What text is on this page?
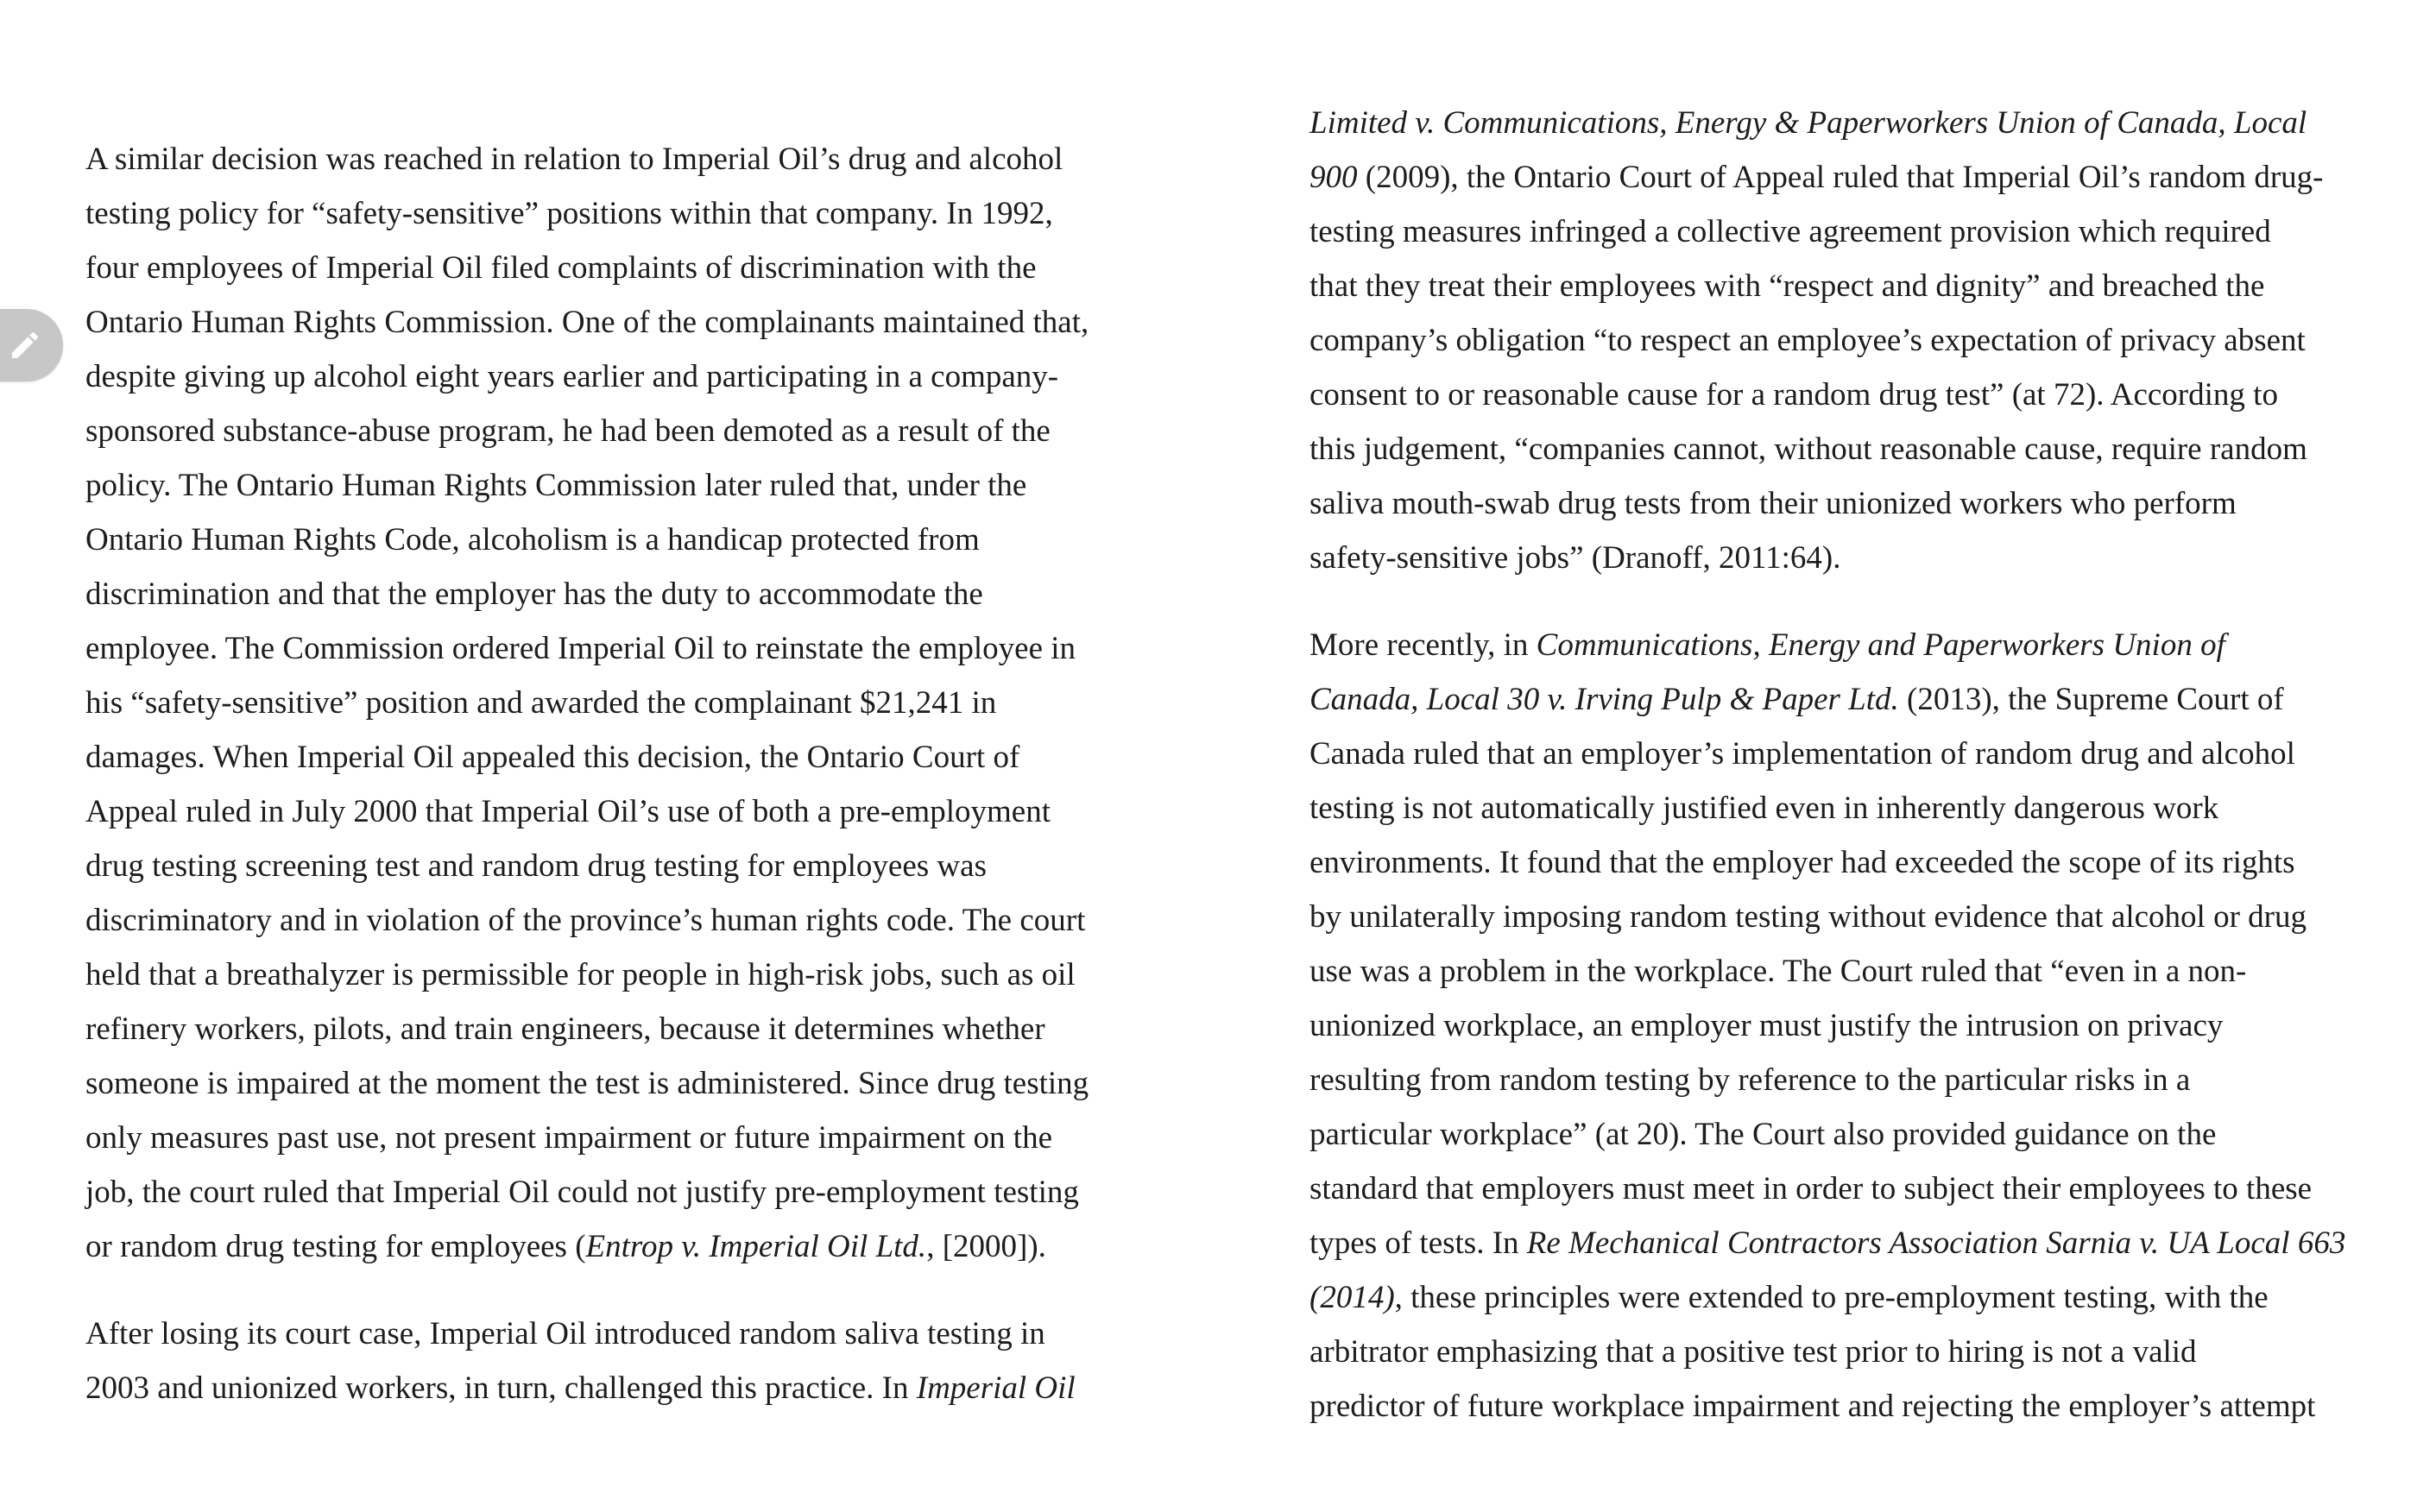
A similar decision was reached in relation to Imperial Oil’s drug and alcohol
testing policy for “safety-sensitive” positions within that company. In 1992,
four employees of Imperial Oil filed complaints of discrimination with the
Ontario Human Rights Commission. One of the complainants maintained that,
despite giving up alcohol eight years earlier and participating in a company-
sponsored substance-abuse program, he had been demoted as a result of the
policy. The Ontario Human Rights Commission later ruled that, under the
Ontario Human Rights Code, alcoholism is a handicap protected from
discrimination and that the employer has the duty to accommodate the
employee. The Commission ordered Imperial Oil to reinstate the employee in
his “safety-sensitive” position and awarded the complainant $21,241 in
damages. When Imperial Oil appealed this decision, the Ontario Court of
Appeal ruled in July 2000 that Imperial Oil’s use of both a pre-employment
drug testing screening test and random drug testing for employees was
discriminatory and in violation of the province’s human rights code. The court
held that a breathalyzer is permissible for people in high-risk jobs, such as oil
refinery workers, pilots, and train engineers, because it determines whether
someone is impaired at the moment the test is administered. Since drug testing
only measures past use, not present impairment or future impairment on the
job, the court ruled that Imperial Oil could not justify pre-employment testing
or random drug testing for employees (Entrop v. Imperial Oil Ltd., [2000]).
After losing its court case, Imperial Oil introduced random saliva testing in
2003 and unionized workers, in turn, challenged this practice. In Imperial Oil
Limited v. Communications, Energy & Paperworkers Union of Canada, Local
900 (2009), the Ontario Court of Appeal ruled that Imperial Oil’s random drug-
testing measures infringed a collective agreement provision which required
that they treat their employees with “respect and dignity” and breached the
company’s obligation “to respect an employee’s expectation of privacy absent
consent to or reasonable cause for a random drug test” (at 72). According to
this judgement, “companies cannot, without reasonable cause, require random
saliva mouth-swab drug tests from their unionized workers who perform
safety-sensitive jobs” (Dranoff, 2011:64).
More recently, in Communications, Energy and Paperworkers Union of
Canada, Local 30 v. Irving Pulp & Paper Ltd. (2013), the Supreme Court of
Canada ruled that an employer’s implementation of random drug and alcohol
testing is not automatically justified even in inherently dangerous work
environments. It found that the employer had exceeded the scope of its rights
by unilaterally imposing random testing without evidence that alcohol or drug
use was a problem in the workplace. The Court ruled that “even in a non-
unionized workplace, an employer must justify the intrusion on privacy
resulting from random testing by reference to the particular risks in a
particular workplace” (at 20). The Court also provided guidance on the
standard that employers must meet in order to subject their employees to these
types of tests. In Re Mechanical Contractors Association Sarnia v. UA Local 663
(2014), these principles were extended to pre-employment testing, with the
arbitrator emphasizing that a positive test prior to hiring is not a valid
predictor of future workplace impairment and rejecting the employer’s attempt
